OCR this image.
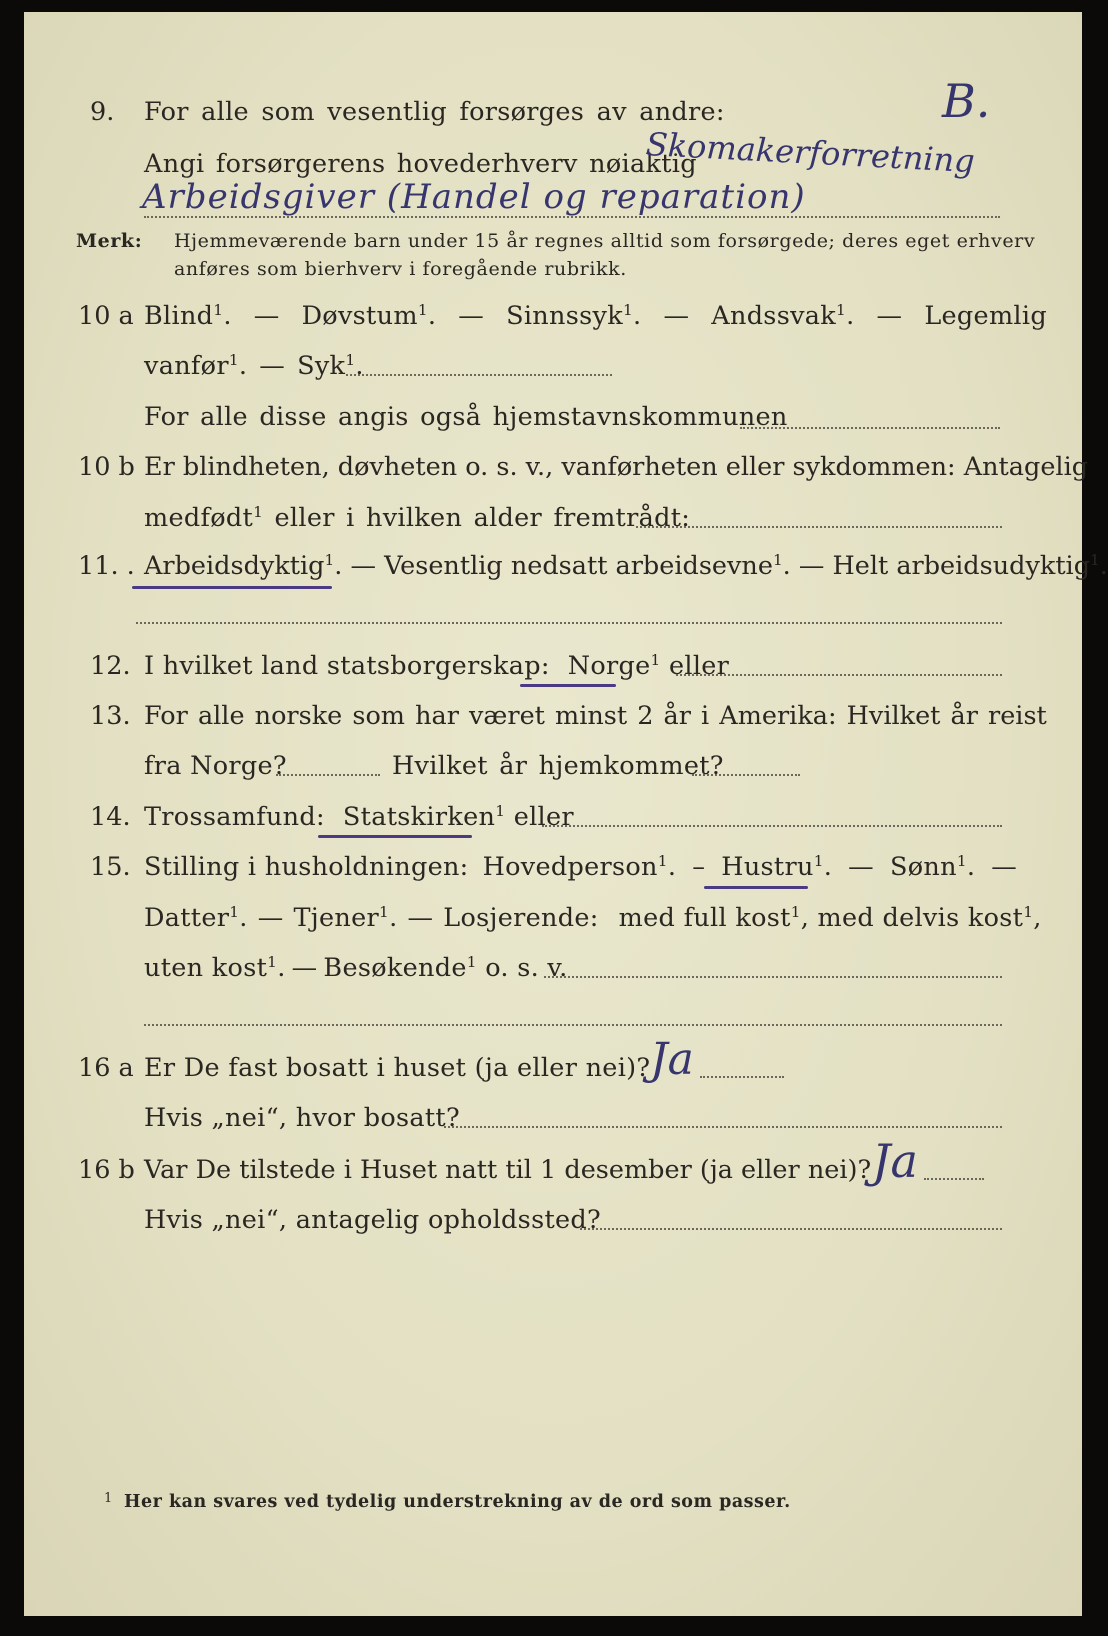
9. For alle som vesentlig forsørges av andre:	B.
Angi forsørgerens hovederhverv nøiaktig
Skomakerforretning
Arbeidsgiver (Handel og reparation)
Merk: Hjemmeværende barn under 15 år regnes alltid som forsørgede; deres eget erhverv
anføres som bierhverv i foregående rubrikk.
10 a Blind$^1$. — Døvstum$^1$. — Sinnssyk$^1$. — Andssvak$^1$. — Legemlig
vanfør$^1$. — Syk$^1$.
For alle disse angis også hjemstavnskommunen
10 b Er blindheten, døvheten o. s. v., vanførheten eller sykdommen: Antagelig
medfødt$^1$ eller i hvilken alder fremtrådt:
11. . Arbeidsdyktig$^1$. — Vesentlig nedsatt arbeidsevne$^1$. — Helt arbeidsudyktig$^1$.
12. I hvilket land statsborgerskap: Norge$^1$ eller
13. For alle norske som har været minst 2 år i Amerika: Hvilket år reist
fra Norge?	Hvilket år hjemkommet?
14. Trossamfund: Statskirken$^1$ eller
15. Stilling i husholdningen: Hovedperson$^1$. – Hustru$^1$. — Sønn$^1$. —
Datter$^1$. — Tjener$^1$. — Losjerende: med full kost$^1$, med delvis kost$^1$,
uten kost$^1$. — Besøkende$^1$ o. s. v.
16 a Er De fast bosatt i huset (ja eller nei)? Ja
Hvis „nei“, hvor bosatt?
16 b Var De tilstede i Huset natt til 1 desember (ja eller nei)? Ja
Hvis „nei“, antagelig opholdssted?
1 Her kan svares ved tydelig understrekning av de ord som passer.
